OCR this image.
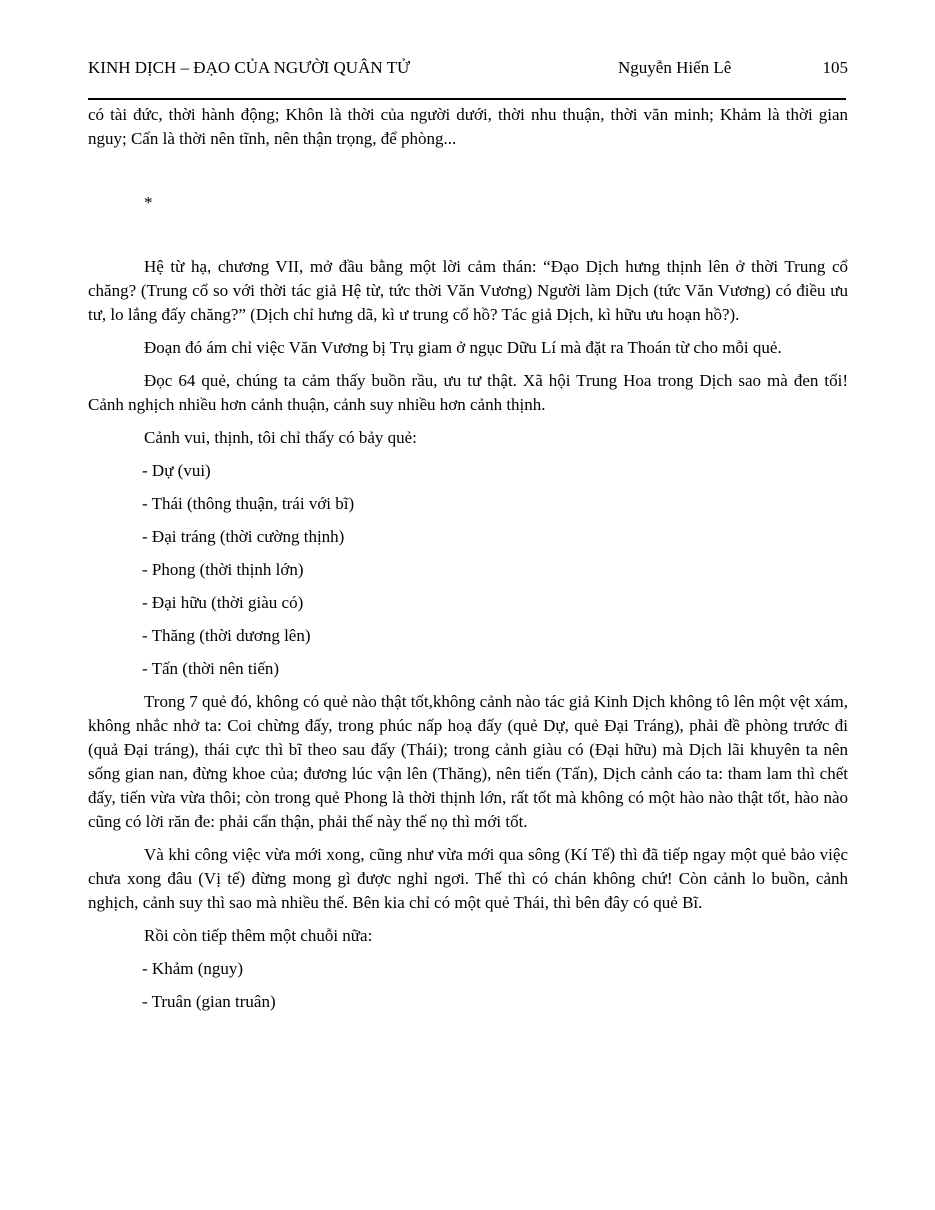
KINH DỊCH – ĐẠO CỦA NGƯỜI QUÂN TỬ	Nguyễn Hiến Lê	105

có tài đức, thời hành động; Khôn là thời của người dưới, thời nhu thuận, thời văn minh; Khảm là thời gian nguy; Cấn là thời nên tĩnh, nên thận trọng, để phòng...

*

Hệ từ hạ, chương VII, mở đầu bằng một lời cảm thán: “Đạo Dịch hưng thịnh lên ở thời Trung cổ chăng? (Trung cổ so với thời tác giả Hệ từ, tức thời Văn Vương) Người làm Dịch (tức Văn Vương) có điều ưu tư, lo lắng đấy chăng?” (Dịch chỉ hưng dã, kì ư trung cổ hồ? Tác giả Dịch, kì hữu ưu hoạn hồ?).

Đoạn đó ám chỉ việc Văn Vương bị Trụ giam ở ngục Dữu Lí mà đặt ra Thoán từ cho mỗi quẻ.

Đọc 64 quẻ, chúng ta cảm thấy buồn rầu, ưu tư thật. Xã hội Trung Hoa trong Dịch sao mà đen tối! Cảnh nghịch nhiều hơn cảnh thuận, cảnh suy nhiều hơn cảnh thịnh.

Cảnh vui, thịnh, tôi chỉ thấy có bảy quẻ:

- Dự (vui)

- Thái (thông thuận, trái với bĩ)

- Đại tráng (thời cường thịnh)

- Phong (thời thịnh lớn)

- Đại hữu (thời giàu có)

- Thăng (thời dương lên)

- Tấn (thời nên tiến)

Trong 7 quẻ đó, không có quẻ nào thật tốt,không cảnh nào tác giả Kinh Dịch không tô lên một vệt xám, không nhắc nhở ta: Coi chừng đấy, trong phúc nấp hoạ đấy (quẻ Dự, quẻ Đại Tráng), phải đề phòng trước đi (quả Đại tráng), thái cực thì bĩ theo sau đấy (Thái); trong cảnh giàu có (Đại hữu) mà Dịch lãi khuyên ta nên sống gian nan, đừng khoe của; đương lúc vận lên (Thăng), nên tiến (Tấn), Dịch cảnh cáo ta: tham lam thì chết đấy, tiến vừa vừa thôi; còn trong quẻ Phong là thời thịnh lớn, rất tốt mà không có một hào nào thật tốt, hào nào cũng có lời răn đe: phải cẩn thận, phải thế này thế nọ thì mới tốt.

Và khi công việc vừa mới xong, cũng như vừa mới qua sông (Kí Tế) thì đã tiếp ngay một quẻ bảo việc chưa xong đâu (Vị tế) đừng mong gì được nghỉ ngơi. Thế thì có chán không chứ! Còn cảnh lo buồn, cảnh nghịch, cảnh suy thì sao mà nhiều thế. Bên kia chỉ có một quẻ Thái, thì bên đây có quẻ Bĩ.

Rồi còn tiếp thêm một chuỗi nữa:

- Khảm (nguy)

- Truân (gian truân)
